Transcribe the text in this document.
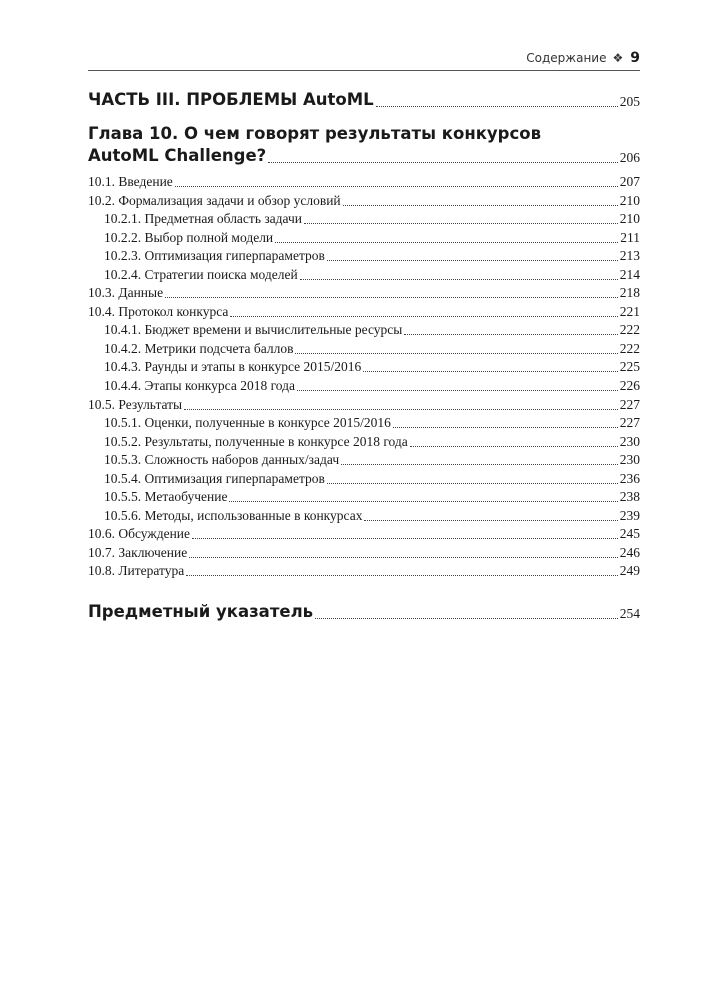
Содержание ❖ 9
ЧАСТЬ III. ПРОБЛЕМЫ AutoML	205
Глава 10. О чем говорят результаты конкурсов
AutoML Challenge?	206
10.1. Введение	207
10.2. Формализация задачи и обзор условий	210
10.2.1. Предметная область задачи	210
10.2.2. Выбор полной модели	211
10.2.3. Оптимизация гиперпараметров	213
10.2.4. Стратегии поиска моделей	214
10.3. Данные	218
10.4. Протокол конкурса	221
10.4.1. Бюджет времени и вычислительные ресурсы	222
10.4.2. Метрики подсчета баллов	222
10.4.3. Раунды и этапы в конкурсе 2015/2016	225
10.4.4. Этапы конкурса 2018 года	226
10.5. Результаты	227
10.5.1. Оценки, полученные в конкурсе 2015/2016	227
10.5.2. Результаты, полученные в конкурсе 2018 года	230
10.5.3. Сложность наборов данных/задач	230
10.5.4. Оптимизация гиперпараметров	236
10.5.5. Метаобучение	238
10.5.6. Методы, использованные в конкурсах	239
10.6. Обсуждение	245
10.7. Заключение	246
10.8. Литература	249
Предметный указатель	254
